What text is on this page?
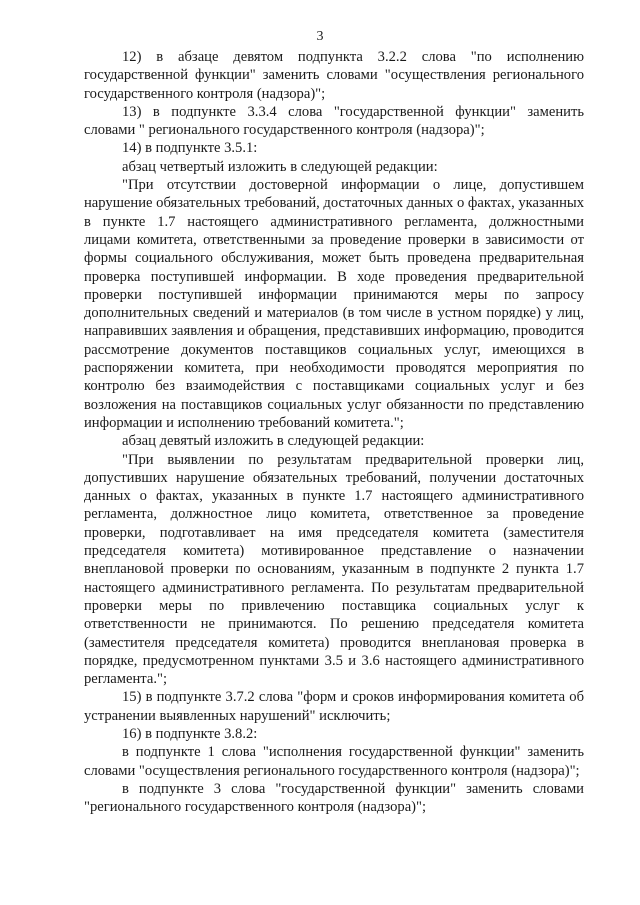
3

12) в абзаце девятом подпункта 3.2.2 слова "по исполнению государственной функции" заменить словами "осуществления регионального государственного контроля (надзора)";

13) в подпункте 3.3.4 слова "государственной функции" заменить словами " регионального государственного контроля (надзора)";

14) в подпункте 3.5.1:

абзац четвертый изложить в следующей редакции:

"При отсутствии достоверной информации о лице, допустившем нарушение обязательных требований, достаточных данных о фактах, указанных в пункте 1.7 настоящего административного регламента, должностными лицами комитета, ответственными за проведение проверки в зависимости от формы социального обслуживания, может быть проведена предварительная проверка поступившей информации. В ходе проведения предварительной проверки поступившей информации принимаются меры по запросу дополнительных сведений и материалов (в том числе в устном порядке) у лиц, направивших заявления и обращения, представивших информацию, проводится рассмотрение документов поставщиков социальных услуг, имеющихся в распоряжении комитета, при необходимости проводятся мероприятия по контролю без взаимодействия с поставщиками социальных услуг и без возложения на поставщиков социальных услуг обязанности по представлению информации и исполнению требований комитета.";

абзац девятый изложить в следующей редакции:

"При выявлении по результатам предварительной проверки лиц, допустивших нарушение обязательных требований, получении достаточных данных о фактах, указанных в пункте 1.7 настоящего административного регламента, должностное лицо комитета, ответственное за проведение проверки, подготавливает на имя председателя комитета (заместителя председателя комитета) мотивированное представление о назначении внеплановой проверки по основаниям, указанным в подпункте 2 пункта 1.7 настоящего административного регламента. По результатам предварительной проверки меры по привлечению поставщика социальных услуг к ответственности не принимаются. По решению председателя комитета (заместителя председателя комитета) проводится внеплановая проверка в порядке, предусмотренном пунктами 3.5 и 3.6 настоящего административного регламента.";

15) в подпункте 3.7.2 слова "форм и сроков информирования комитета об устранении выявленных нарушений" исключить;

16) в подпункте 3.8.2:

в подпункте 1 слова "исполнения государственной функции" заменить словами "осуществления регионального государственного контроля (надзора)";

в подпункте 3 слова "государственной функции" заменить словами "регионального государственного контроля (надзора)";
